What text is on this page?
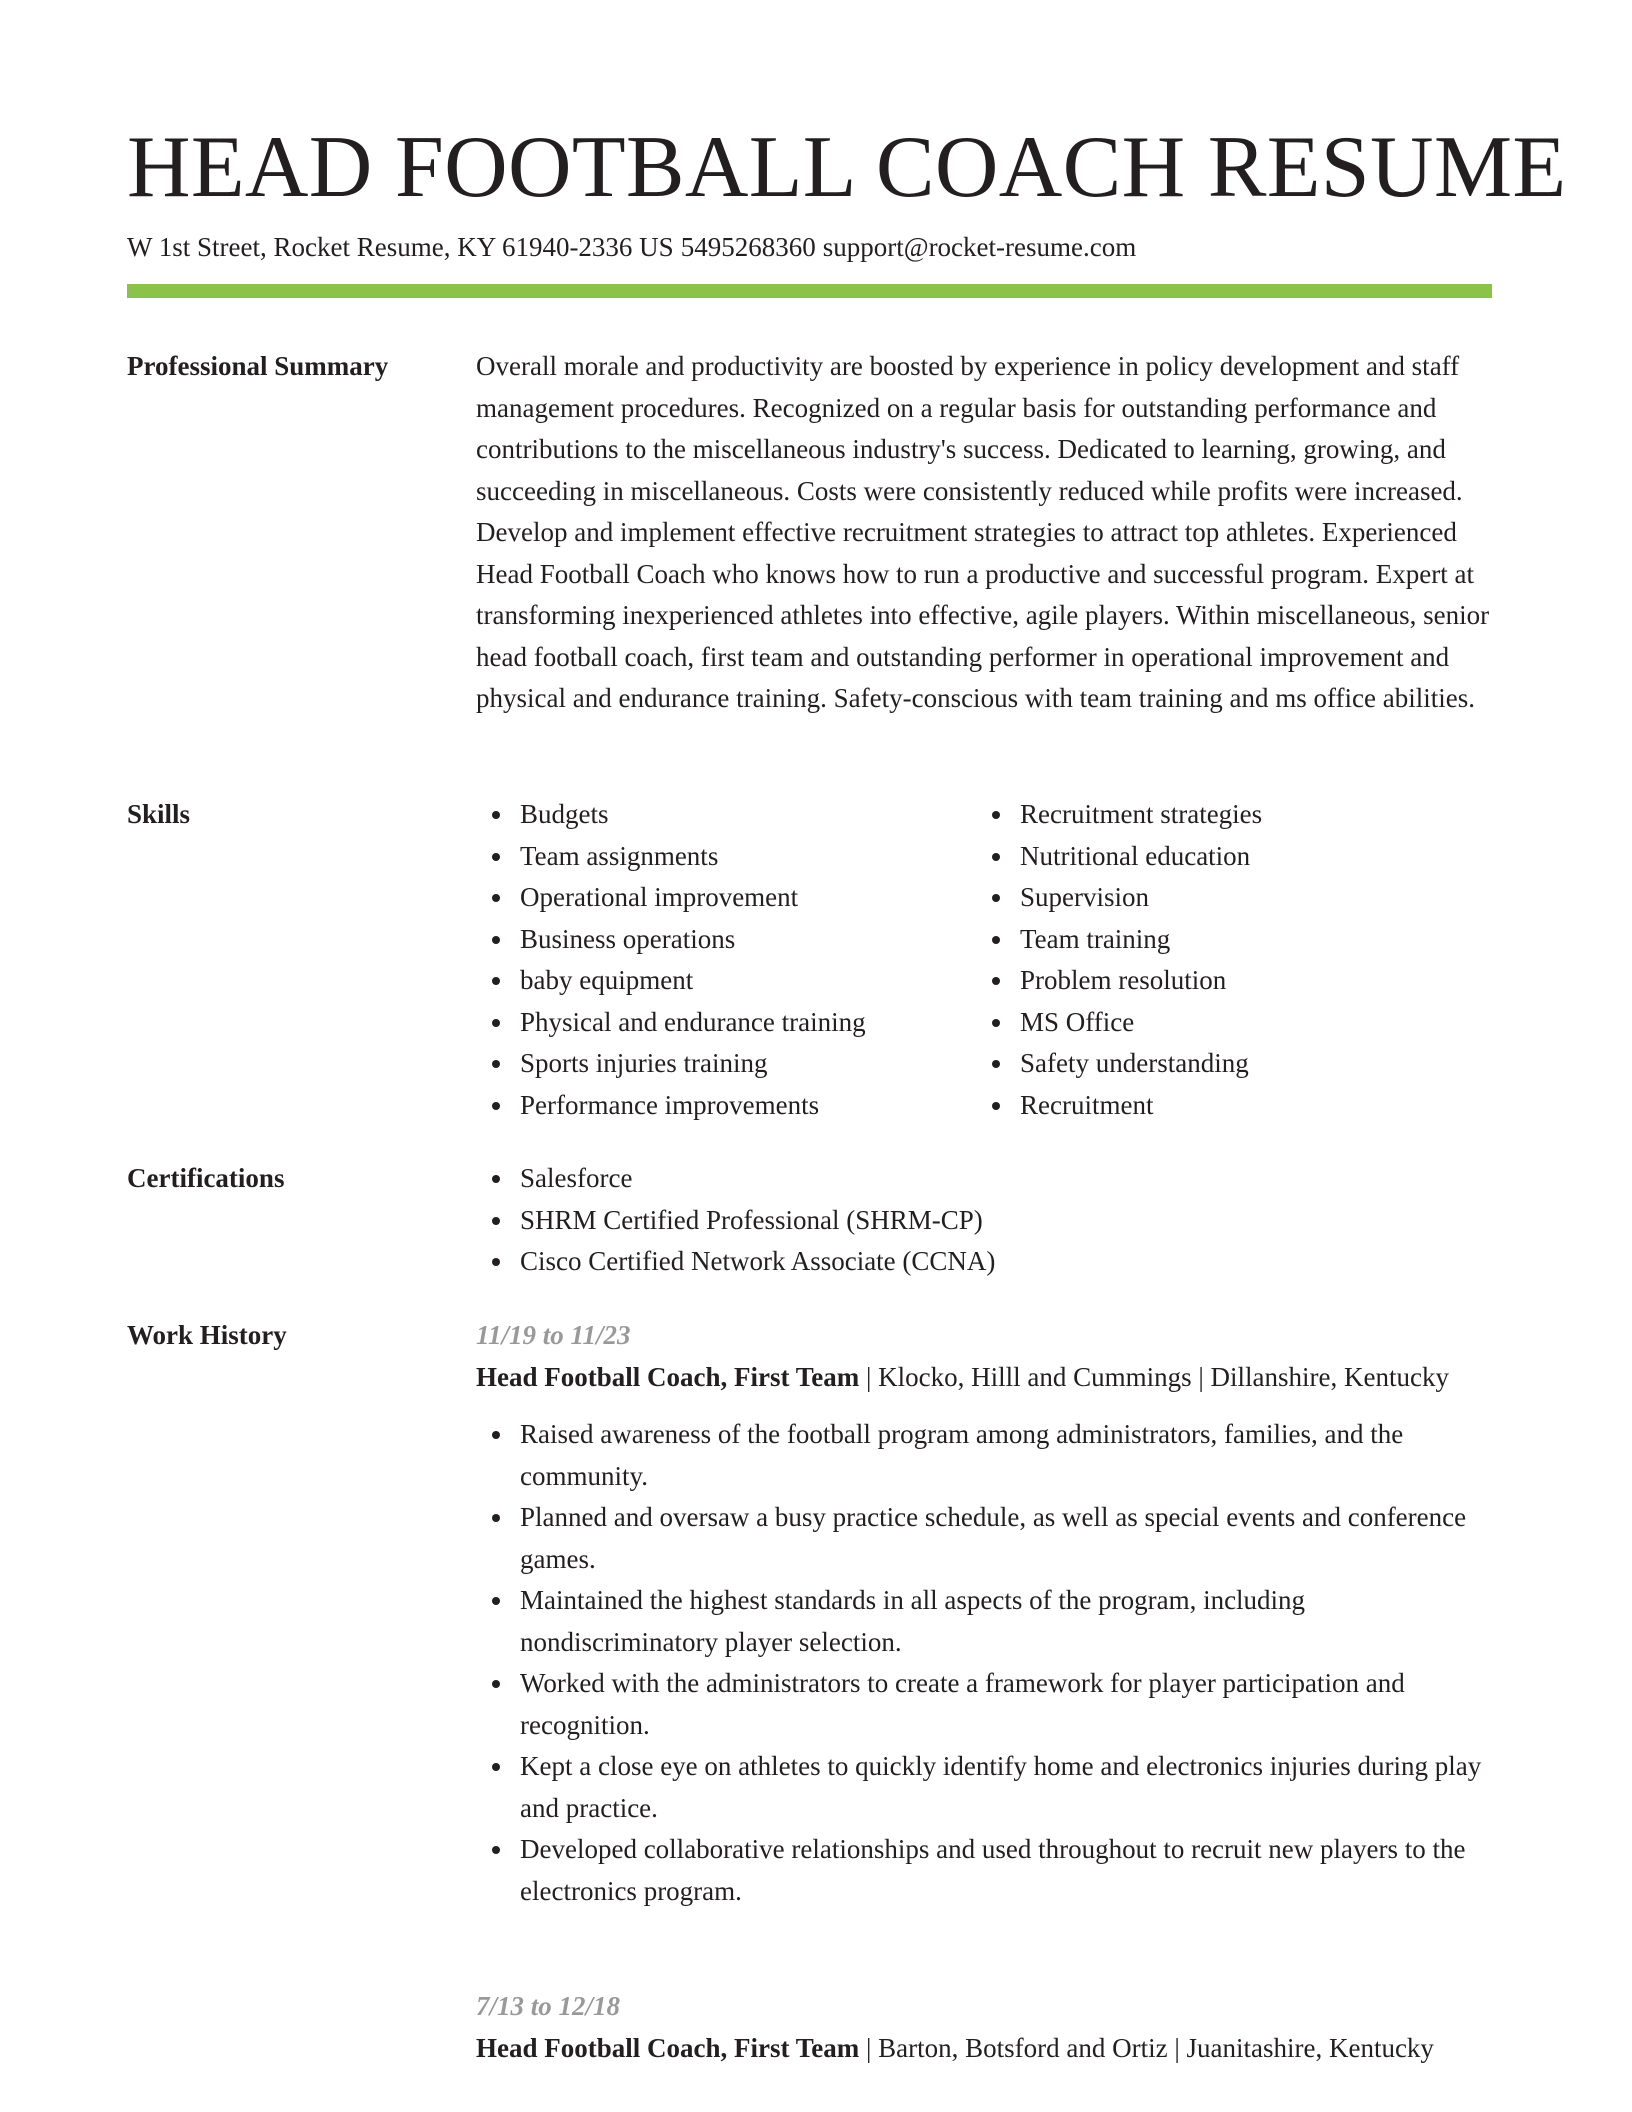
HEAD FOOTBALL COACH RESUME
W 1st Street, Rocket Resume, KY 61940-2336 US 5495268360 support@rocket-resume.com
Professional Summary	Overall morale and productivity are boosted by experience in policy development and staff management procedures. Recognized on a regular basis for outstanding performance and contributions to the miscellaneous industry's success. Dedicated to learning, growing, and succeeding in miscellaneous. Costs were consistently reduced while profits were increased. Develop and implement effective recruitment strategies to attract top athletes. Experienced Head Football Coach who knows how to run a productive and successful program. Expert at transforming inexperienced athletes into effective, agile players. Within miscellaneous, senior head football coach, first team and outstanding performer in operational improvement and physical and endurance training. Safety-conscious with team training and ms office abilities.

Skills	Budgets
Team assignments
Operational improvement
Business operations
baby equipment
Physical and endurance training
Sports injuries training
Performance improvements
Recruitment strategies
Nutritional education
Supervision
Team training
Problem resolution
MS Office
Safety understanding
Recruitment
Certifications	Salesforce
SHRM Certified Professional (SHRM-CP)
Cisco Certified Network Associate (CCNA)
Work History	11/19 to 11/23
Head Football Coach, First Team | Klocko, Hilll and Cummings | Dillanshire, Kentucky
Raised awareness of the football program among administrators, families, and the community.
Planned and oversaw a busy practice schedule, as well as special events and conference games.
Maintained the highest standards in all aspects of the program, including nondiscriminatory player selection.
Worked with the administrators to create a framework for player participation and recognition.
Kept a close eye on athletes to quickly identify home and electronics injuries during play and practice.
Developed collaborative relationships and used throughout to recruit new players to the electronics program.
7/13 to 12/18
Head Football Coach, First Team | Barton, Botsford and Ortiz | Juanitashire, Kentucky
